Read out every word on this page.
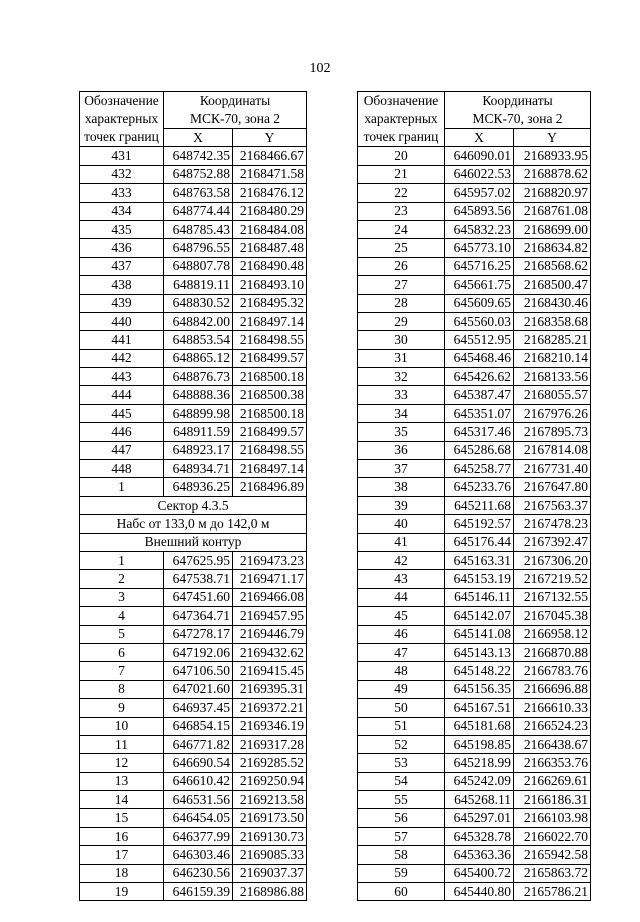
102
Обозначение
характерных
точек границ	Координаты
МСК-70, зона 2	
	X	Y
431	648742.35	2168466.67
432	648752.88	2168471.58
433	648763.58	2168476.12
434	648774.44	2168480.29
435	648785.43	2168484.08
436	648796.55	2168487.48
437	648807.78	2168490.48
438	648819.11	2168493.10
439	648830.52	2168495.32
440	648842.00	2168497.14
441	648853.54	2168498.55
442	648865.12	2168499.57
443	648876.73	2168500.18
444	648888.36	2168500.38
445	648899.98	2168500.18
446	648911.59	2168499.57
447	648923.17	2168498.55
448	648934.71	2168497.14
1	648936.25	2168496.89
Сектор 4.3.5		
Набс от 133,0 м до 142,0 м		
Внешний контур		
1	647625.95	2169473.23
2	647538.71	2169471.17
3	647451.60	2169466.08
4	647364.71	2169457.95
5	647278.17	2169446.79
6	647192.06	2169432.62
7	647106.50	2169415.45
8	647021.60	2169395.31
9	646937.45	2169372.21
10	646854.15	2169346.19
11	646771.82	2169317.28
12	646690.54	2169285.52
13	646610.42	2169250.94
14	646531.56	2169213.58
15	646454.05	2169173.50
16	646377.99	2169130.73
17	646303.46	2169085.33
18	646230.56	2169037.37
19	646159.39	2168986.88
Обозначение
характерных
точек границ	Координаты
МСК-70, зона 2	
	X	Y
20	646090.01	2168933.95
21	646022.53	2168878.62
22	645957.02	2168820.97
23	645893.56	2168761.08
24	645832.23	2168699.00
25	645773.10	2168634.82
26	645716.25	2168568.62
27	645661.75	2168500.47
28	645609.65	2168430.46
29	645560.03	2168358.68
30	645512.95	2168285.21
31	645468.46	2168210.14
32	645426.62	2168133.56
33	645387.47	2168055.57
34	645351.07	2167976.26
35	645317.46	2167895.73
36	645286.68	2167814.08
37	645258.77	2167731.40
38	645233.76	2167647.80
39	645211.68	2167563.37
40	645192.57	2167478.23
41	645176.44	2167392.47
42	645163.31	2167306.20
43	645153.19	2167219.52
44	645146.11	2167132.55
45	645142.07	2167045.38
46	645141.08	2166958.12
47	645143.13	2166870.88
48	645148.22	2166783.76
49	645156.35	2166696.88
50	645167.51	2166610.33
51	645181.68	2166524.23
52	645198.85	2166438.67
53	645218.99	2166353.76
54	645242.09	2166269.61
55	645268.11	2166186.31
56	645297.01	2166103.98
57	645328.78	2166022.70
58	645363.36	2165942.58
59	645400.72	2165863.72
60	645440.80	2165786.21
